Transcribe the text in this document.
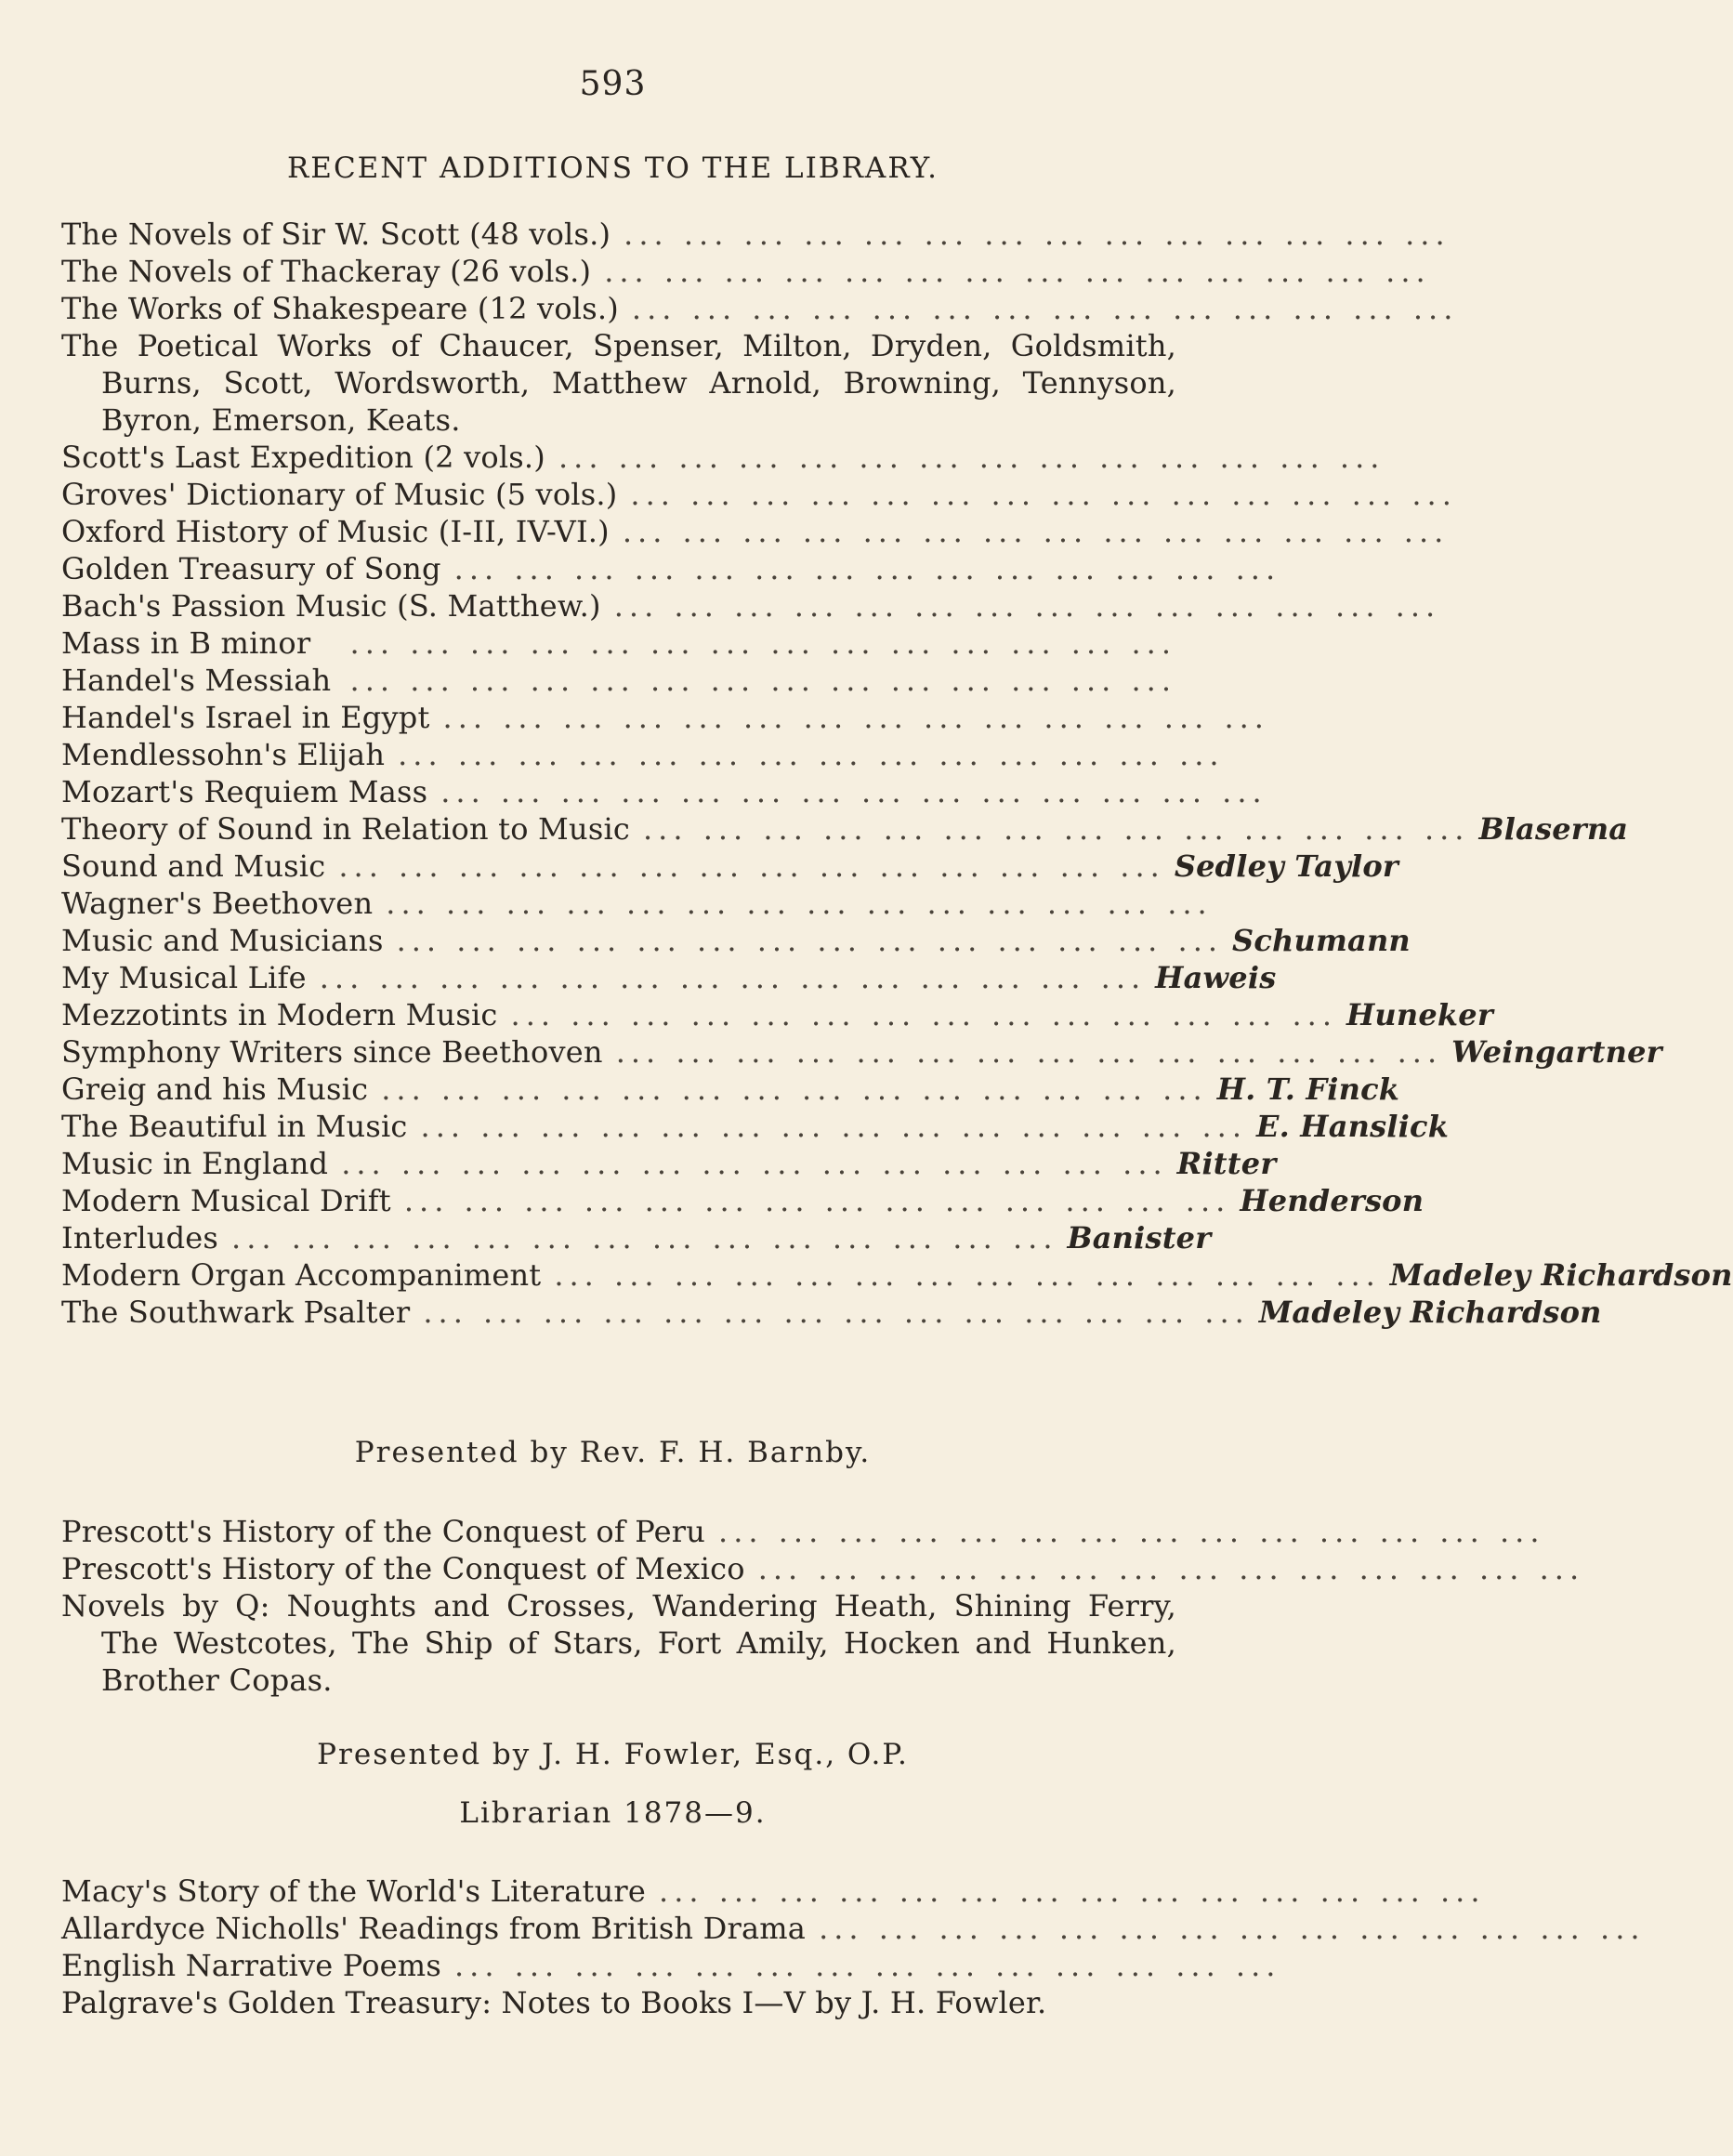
593
RECENT ADDITIONS TO THE LIBRARY.
The Novels of Sir W. Scott (48 vols.) ... ... ... ... ... ... ... ... ... ... ... ... ... ...
The Novels of Thackeray (26 vols.) ... ... ... ... ... ... ... ... ... ... ... ... ... ...
The Works of Shakespeare (12 vols.) ... ... ... ... ... ... ... ... ... ... ... ... ... ...
The Poetical Works of Chaucer, Spenser, Milton, Dryden, Goldsmith, Burns, Scott, Wordsworth, Matthew Arnold, Browning, Tennyson, Byron, Emerson, Keats.
Scott's Last Expedition (2 vols.) ... ... ... ... ... ... ... ... ... ... ... ... ... ...
Groves' Dictionary of Music (5 vols.) ... ... ... ... ... ... ... ... ... ... ... ... ... ...
Oxford History of Music (I-II, IV-VI.) ... ... ... ... ... ... ... ... ... ... ... ... ... ...
Golden Treasury of Song ... ... ... ... ... ... ... ... ... ... ... ... ... ...
Bach's Passion Music (S. Matthew.) ... ... ... ... ... ... ... ... ... ... ... ... ... ...
Mass in B minor	... ... ... ... ... ... ... ... ... ... ... ... ... ...
Handel's Messiah ... ... ... ... ... ... ... ... ... ... ... ... ... ...
Handel's Israel in Egypt ... ... ... ... ... ... ... ... ... ... ... ... ... ...
Mendlessohn's Elijah ... ... ... ... ... ... ... ... ... ... ... ... ... ...
Mozart's Requiem Mass ... ... ... ... ... ... ... ... ... ... ... ... ... ...
Theory of Sound in Relation to Music ... ... ... ... ... ... ... ... ... ... ... ... ... ... Blaserna
Sound and Music ... ... ... ... ... ... ... ... ... ... ... ... ... ... Sedley Taylor
Wagner's Beethoven ... ... ... ... ... ... ... ... ... ... ... ... ... ...
Music and Musicians ... ... ... ... ... ... ... ... ... ... ... ... ... ... Schumann
My Musical Life ... ... ... ... ... ... ... ... ... ... ... ... ... ... Haweis
Mezzotints in Modern Music ... ... ... ... ... ... ... ... ... ... ... ... ... ... Huneker
Symphony Writers since Beethoven ... ... ... ... ... ... ... ... ... ... ... ... ... ... Weingartner
Greig and his Music ... ... ... ... ... ... ... ... ... ... ... ... ... ... H. T. Finck
The Beautiful in Music ... ... ... ... ... ... ... ... ... ... ... ... ... ... E. Hanslick
Music in England ... ... ... ... ... ... ... ... ... ... ... ... ... ... Ritter
Modern Musical Drift ... ... ... ... ... ... ... ... ... ... ... ... ... ... Henderson
Interludes ... ... ... ... ... ... ... ... ... ... ... ... ... ... Banister
Modern Organ Accompaniment ... ... ... ... ... ... ... ... ... ... ... ... ... ... Madeley Richardson
The Southwark Psalter ... ... ... ... ... ... ... ... ... ... ... ... ... ... Madeley Richardson
Presented by Rev. F. H. Barnby.
Prescott's History of the Conquest of Peru ... ... ... ... ... ... ... ... ... ... ... ... ... ...
Prescott's History of the Conquest of Mexico ... ... ... ... ... ... ... ... ... ... ... ... ... ...
Novels by Q: Noughts and Crosses, Wandering Heath, Shining Ferry, The Westcotes, The Ship of Stars, Fort Amily, Hocken and Hunken, Brother Copas.
Presented by J. H. Fowler, Esq., O.P.
Librarian 1878—9.
Macy's Story of the World's Literature ... ... ... ... ... ... ... ... ... ... ... ... ... ...
Allardyce Nicholls' Readings from British Drama ... ... ... ... ... ... ... ... ... ... ... ... ... ...
English Narrative Poems ... ... ... ... ... ... ... ... ... ... ... ... ... ...
Palgrave's Golden Treasury: Notes to Books I—V by J. H. Fowler.
